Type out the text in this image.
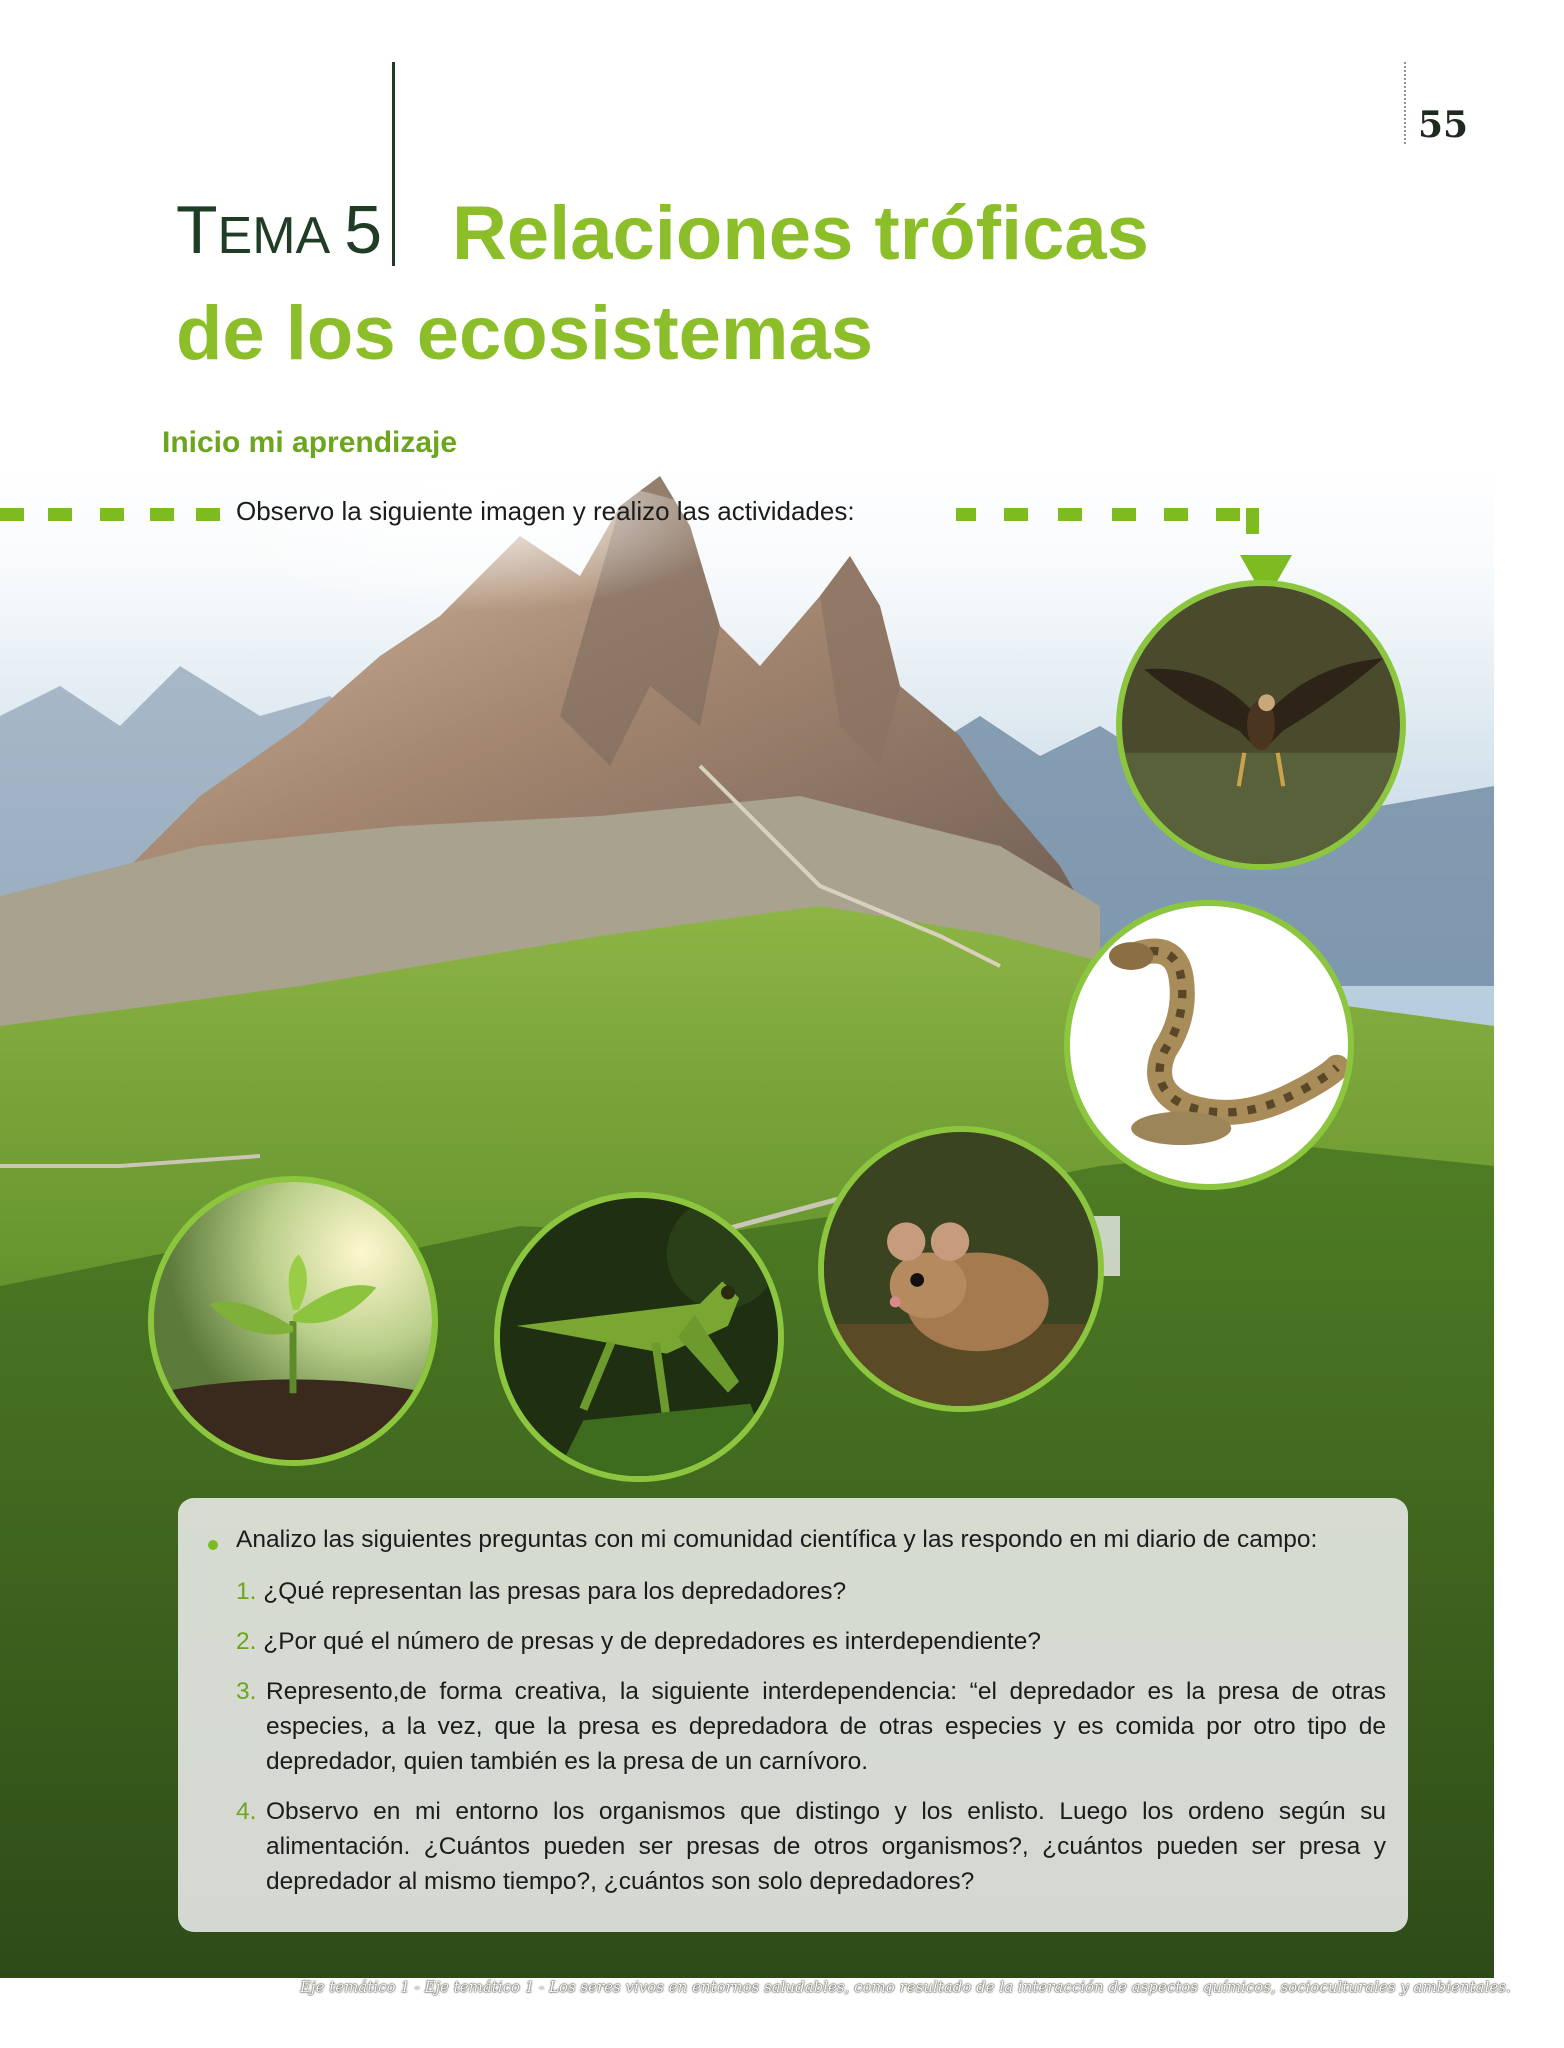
55
TEMA 5 Relaciones tróficas
de los ecosistemas
Inicio mi aprendizaje
Observo la siguiente imagen y realizo las actividades:
Analizo las siguientes preguntas con mi comunidad científica y las respondo en mi diario de campo:
1. ¿Qué representan las presas para los depredadores?
2. ¿Por qué el número de presas y de depredadores es interdependiente?
3. Represento,de forma creativa, la siguiente interdependencia: “el depredador es la presa de otras especies, a la vez, que la presa es depredadora de otras especies y es comida por otro tipo de depredador, quien también es la presa de un carnívoro.
4. Observo en mi entorno los organismos que distingo y los enlisto. Luego los ordeno según su alimentación. ¿Cuántos pueden ser presas de otros organismos?, ¿cuántos pueden ser presa y depredador al mismo tiempo?, ¿cuántos son solo depredadores?
Eje temático 1 - Eje temático 1 - Los seres vivos en entornos saludables, como resultado de la interacción de aspectos químicos, socioculturales y ambientales.
